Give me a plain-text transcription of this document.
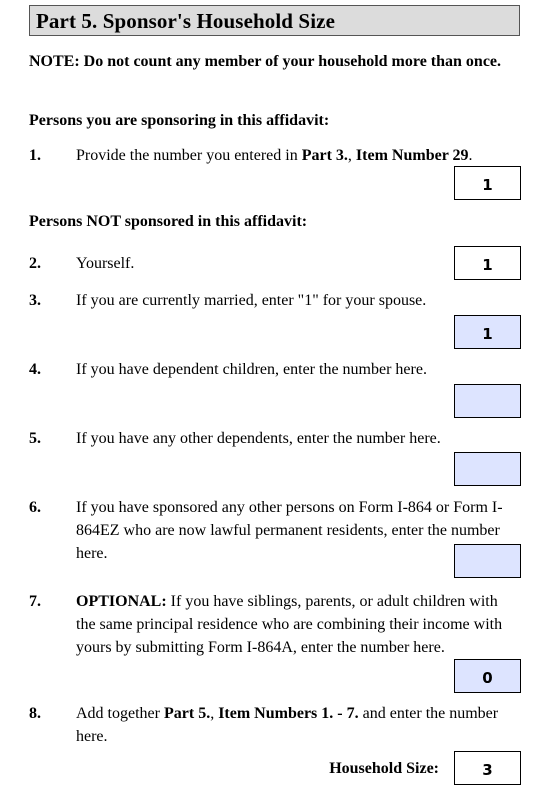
Part 5. Sponsor's Household Size
NOTE: Do not count any member of your household more than once.
Persons you are sponsoring in this affidavit:
1. Provide the number you entered in Part 3., Item Number 29.
1
Persons NOT sponsored in this affidavit:
2. Yourself.	1
3. If you are currently married, enter "1" for your spouse.
1
4. If you have dependent children, enter the number here.
5. If you have any other dependents, enter the number here.
6. If you have sponsored any other persons on Form I-864 or Form I-864EZ who are now lawful permanent residents, enter the number here.
7. OPTIONAL: If you have siblings, parents, or adult children with the same principal residence who are combining their income with yours by submitting Form I-864A, enter the number here.
0
8. Add together Part 5., Item Numbers 1. - 7. and enter the number here.
Household Size:	3
